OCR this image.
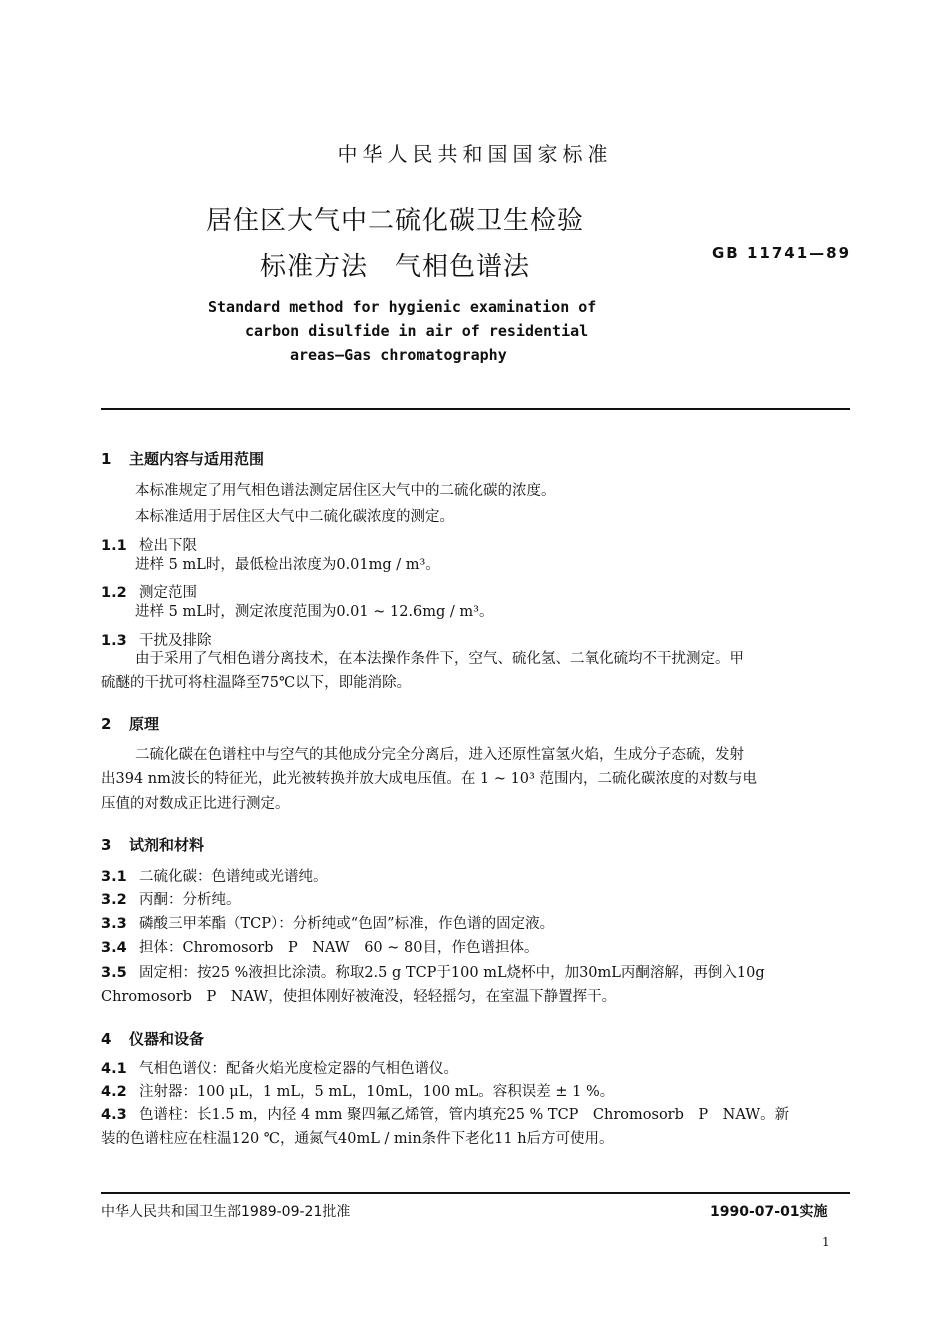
中华人民共和国国家标准
居住区大气中二硫化碳卫生检验
标准方法　气相色谱法	GB 11741—89
Standard method for hygienic examination of
carbon disulfide in air of residential
areas—Gas chromatography
1 主题内容与适用范围
本标准规定了用气相色谱法测定居住区大气中的二硫化碳的浓度。
本标准适用于居住区大气中二硫化碳浓度的测定。
1.1 检出下限
进样 5 mL时，最低检出浓度为0.01mg / m³。
1.2 测定范围
进样 5 mL时，测定浓度范围为0.01 ~ 12.6mg / m³。
1.3 干扰及排除
由于采用了气相色谱分离技术，在本法操作条件下，空气、硫化氢、二氧化硫均不干扰测定。甲
硫醚的干扰可将柱温降至75℃以下，即能消除。
2 原理
二硫化碳在色谱柱中与空气的其他成分完全分离后，进入还原性富氢火焰，生成分子态硫，发射
出394 nm波长的特征光，此光被转换并放大成电压值。在 1 ~ 10³ 范围内，二硫化碳浓度的对数与电
压值的对数成正比进行测定。
3 试剂和材料
3.1 二硫化碳：色谱纯或光谱纯。
3.2 丙酮：分析纯。
3.3 磷酸三甲苯酯（TCP）：分析纯或“色固”标准，作色谱的固定液。
3.4 担体：Chromosorb　P　NAW　60 ~ 80目，作色谱担体。
3.5 固定相：按25 %液担比涂渍。称取2.5 g TCP于100 mL烧杯中，加30mL丙酮溶解，再倒入10g
Chromosorb　P　NAW，使担体刚好被淹没，轻轻摇匀，在室温下静置挥干。
4 仪器和设备
4.1 气相色谱仪：配备火焰光度检定器的气相色谱仪。
4.2 注射器：100 μL，1 mL，5 mL，10mL，100 mL。容积误差 ± 1 %。
4.3 色谱柱：长1.5 m，内径 4 mm 聚四氟乙烯管，管内填充25 % TCP　Chromosorb　P　NAW。新
装的色谱柱应在柱温120 ℃，通氮气40mL / min条件下老化11 h后方可使用。
中华人民共和国卫生部1989-09-21批准	1990-07-01实施
1
